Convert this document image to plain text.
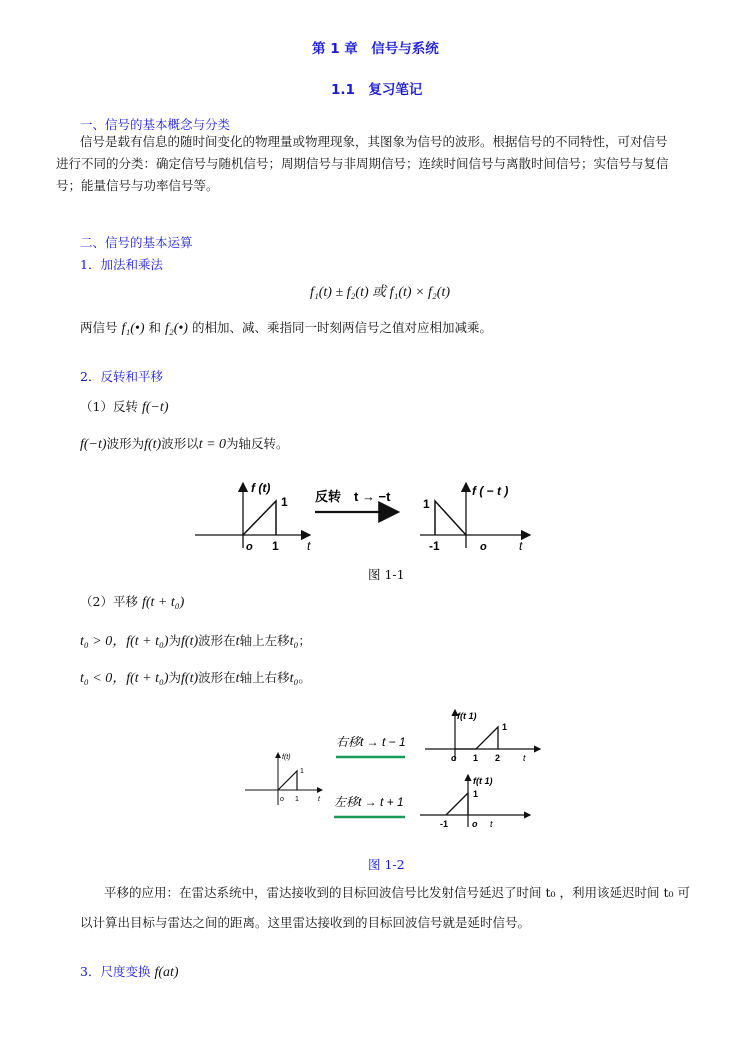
第 1 章　信号与系统
1.1　复习笔记
一、信号的基本概念与分类
信号是载有信息的随时间变化的物理量或物理现象，其图象为信号的波形。根据信号的不同特性，可对信号
进行不同的分类：确定信号与随机信号；周期信号与非周期信号；连续时间信号与离散时间信号；实信号与复信
号；能量信号与功率信号等。
二、信号的基本运算
1．加法和乘法
f₁(t) ± f₂(t) 或 f₁(t) × f₂(t)
两信号 f₁(•) 和 f₂(•) 的相加、减、乘指同一时刻两信号之值对应相加减乘。
2．反转和平移
（1）反转 f(−t)
f(−t)波形为f(t)波形以t = 0为轴反转。
f (t)
1
o 1 t
反转　t → −t	f ( − t )
1
-1	o	t
图 1-1
（2）平移 f(t + t₀)
t₀ > 0，f(t + t₀)为f(t)波形在t轴上左移t₀；
t₀ < 0，f(t + t₀)为f(t)波形在t轴上右移t₀。
f(t)
1
o 1	t
右移t → t − 1
左移t → t + 1
f(t 1)
1
o 1 2	t
f(t 1)
1
-1	o t
图 1-2
平移的应用：在雷达系统中，雷达接收到的目标回波信号比发射信号延迟了时间 t₀ ，利用该延迟时间 t₀ 可
以计算出目标与雷达之间的距离。这里雷达接收到的目标回波信号就是延时信号。
3．尺度变换 f(at)
